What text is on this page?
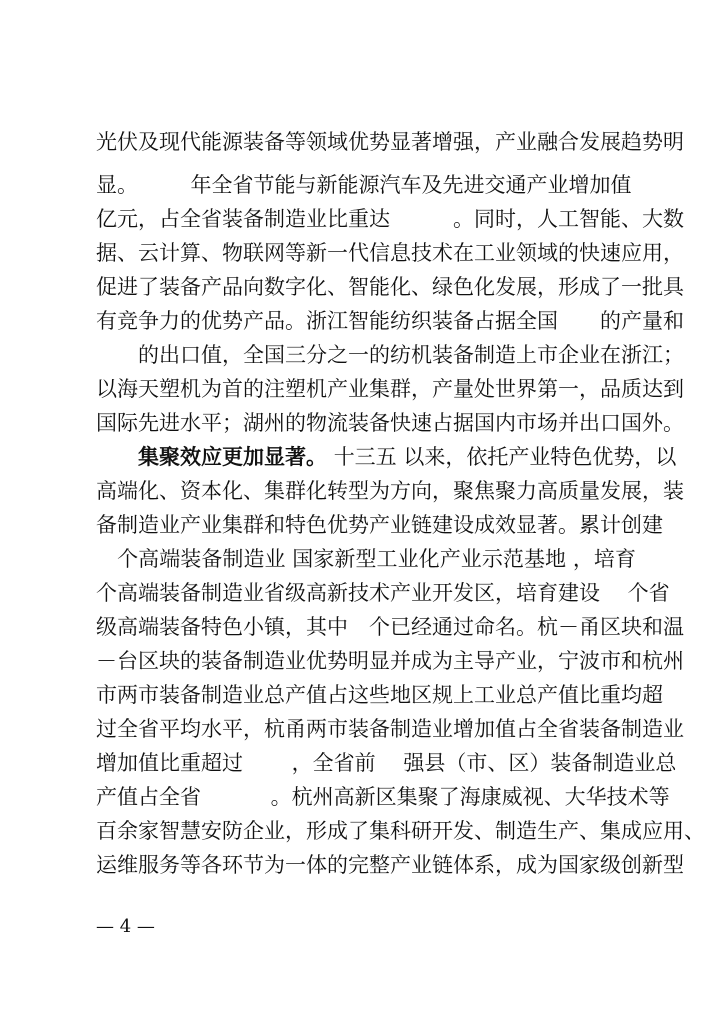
光伏及现代能源装备等领域优势显著增强，产业融合发展趋势明
显。　　　年全省节能与新能源汽车及先进交通产业增加值
亿元，占全省装备制造业比重达　　　。同时，人工智能、大数
据、云计算、物联网等新一代信息技术在工业领域的快速应用，
促进了装备产品向数字化、智能化、绿色化发展，形成了一批具
有竞争力的优势产品。浙江智能纺织装备占据全国　　的产量和
　　的出口值，全国三分之一的纺机装备制造上市企业在浙江；
以海天塑机为首的注塑机产业集群，产量处世界第一，品质达到
国际先进水平；湖州的物流装备快速占据国内市场并出口国外。
　　集聚效应更加显著。 十三五 以来，依托产业特色优势，以
高端化、资本化、集群化转型为方向，聚焦聚力高质量发展，装
备制造业产业集群和特色优势产业链建设成效显著。累计创建
　个高端装备制造业 国家新型工业化产业示范基地 ，培育
个高端装备制造业省级高新技术产业开发区，培育建设　 个省
级高端装备特色小镇，其中　个已经通过命名。杭－甬区块和温
－台区块的装备制造业优势明显并成为主导产业，宁波市和杭州
市两市装备制造业总产值占这些地区规上工业总产值比重均超
过全省平均水平，杭甬两市装备制造业增加值占全省装备制造业
增加值比重超过　　 ，全省前　 强县（市、区）装备制造业总
产值占全省　　　 。杭州高新区集聚了海康威视、大华技术等
百余家智慧安防企业，形成了集科研开发、制造生产、集成应用、
运维服务等各环节为一体的完整产业链体系，成为国家级创新型
— 4 —
